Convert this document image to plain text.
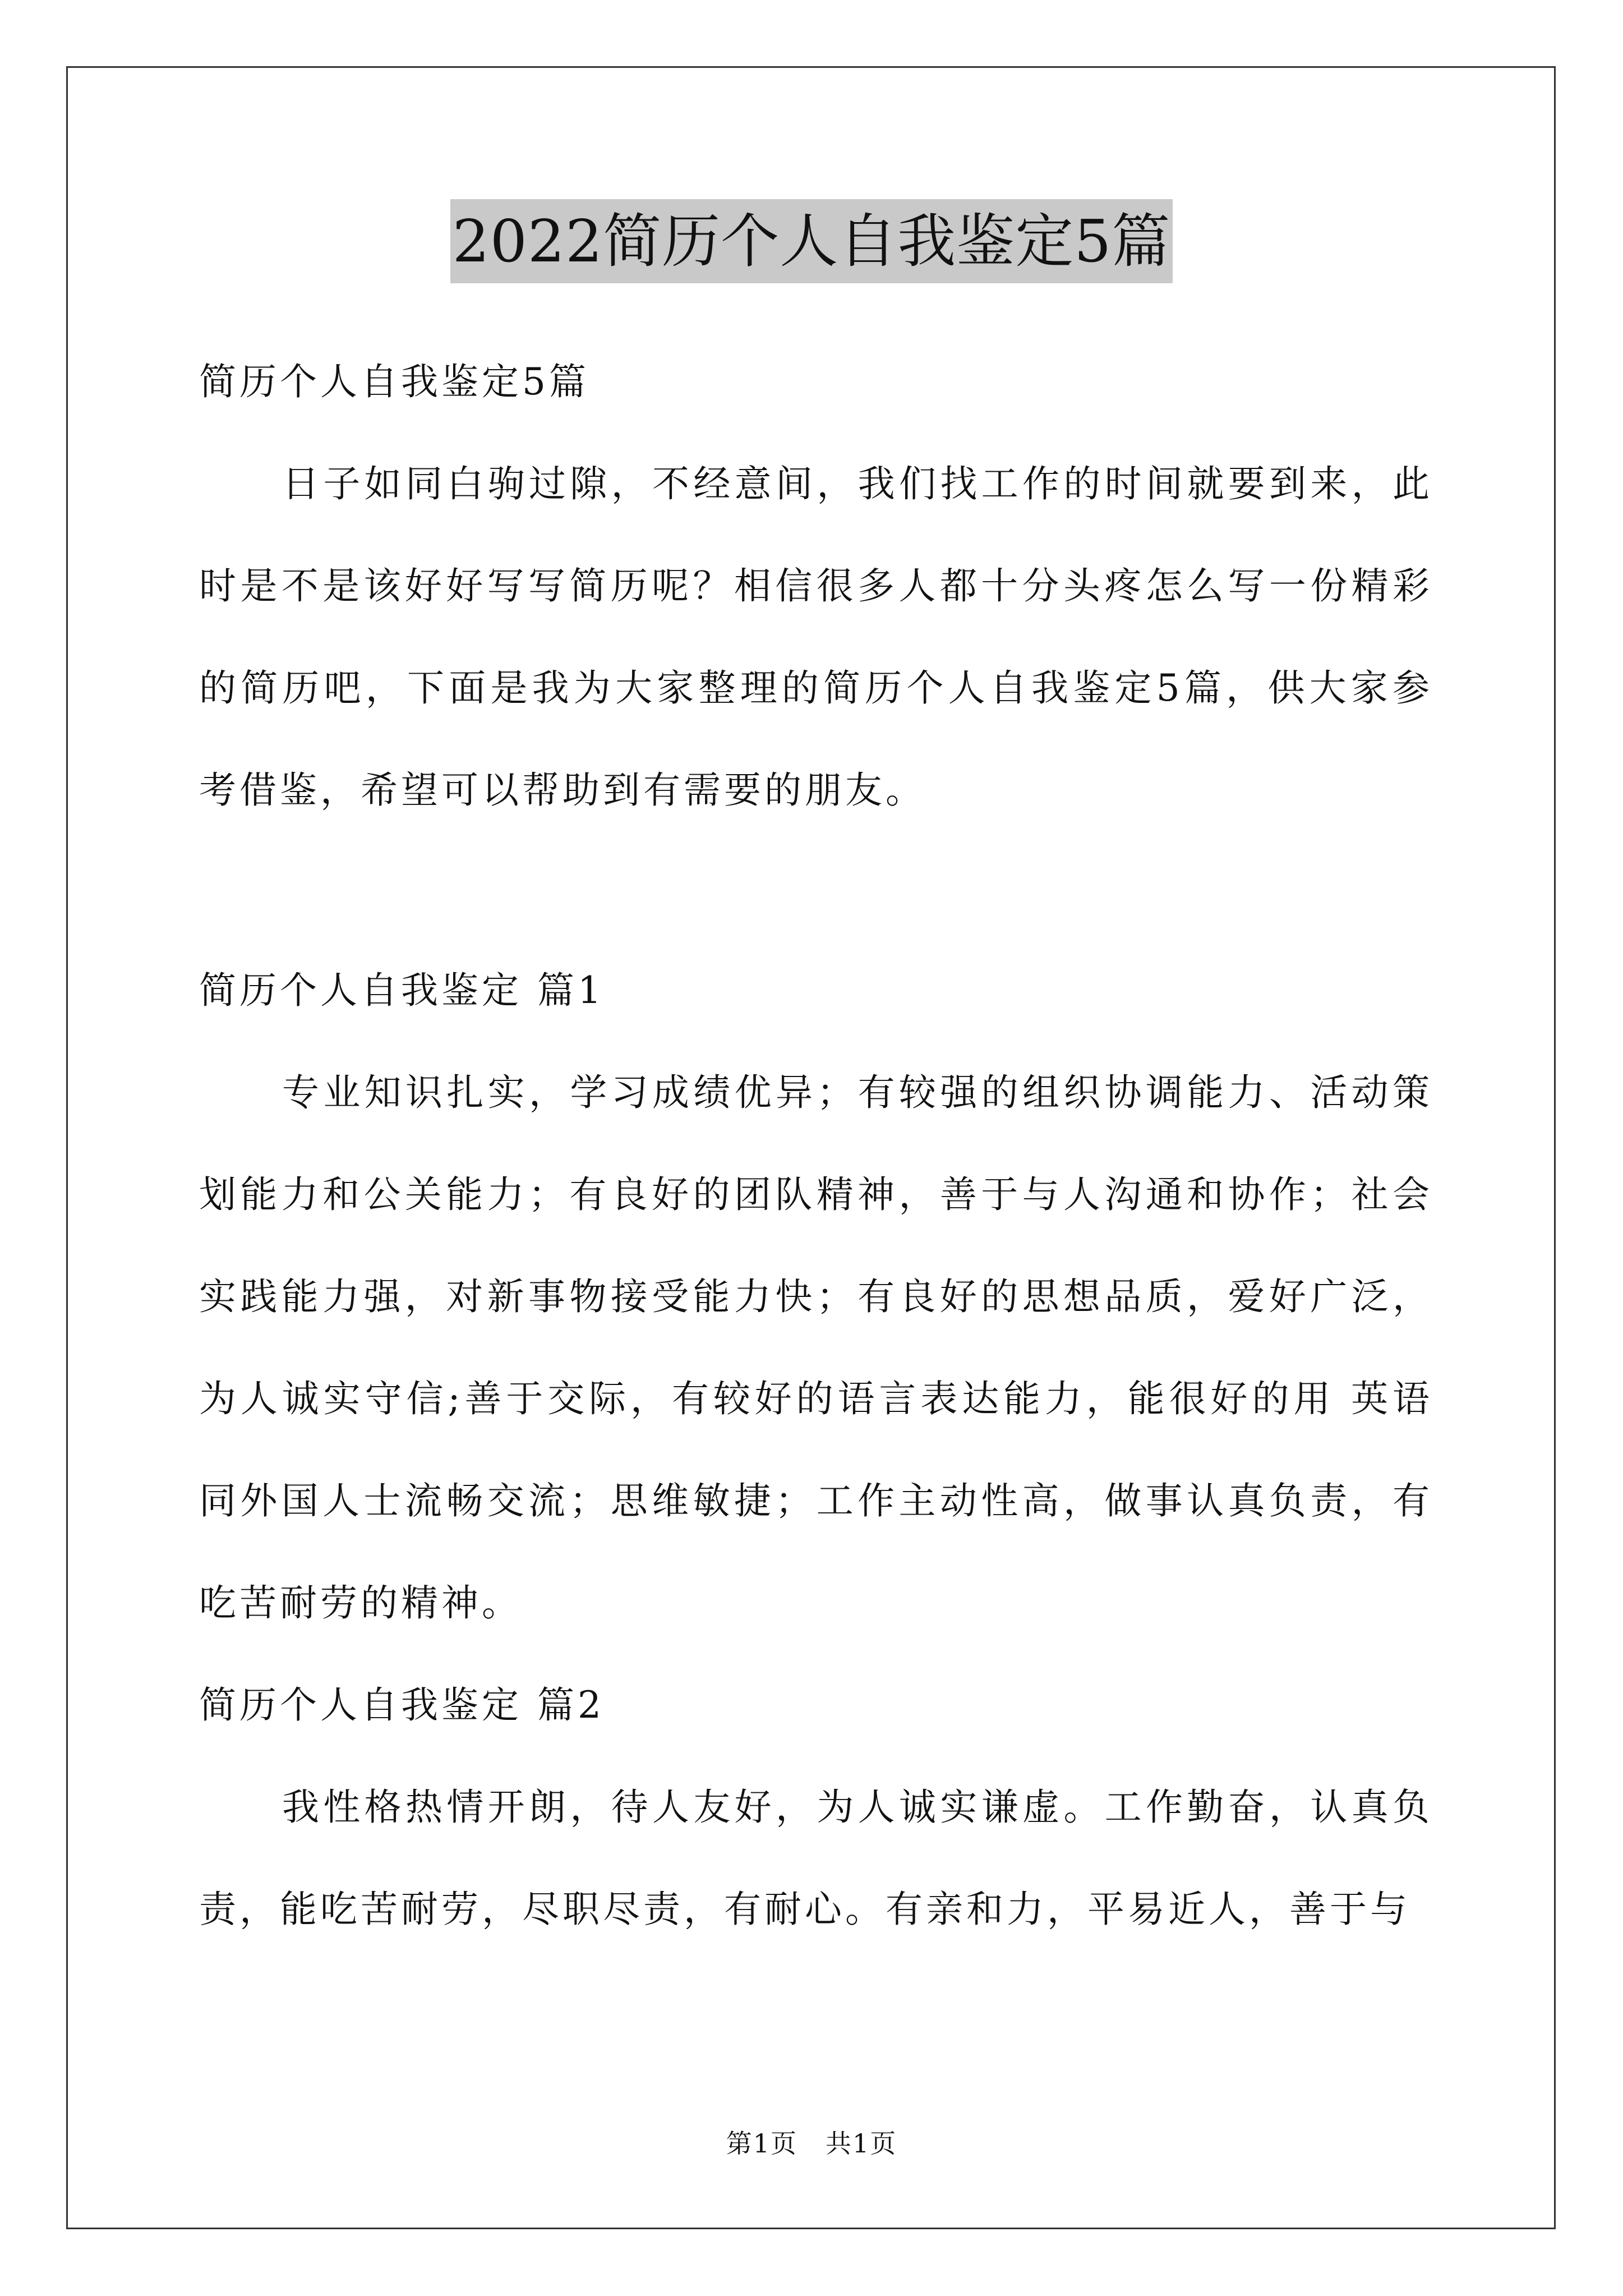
2022简历个人自我鉴定5篇

简历个人自我鉴定5篇

日子如同白驹过隙，不经意间，我们找工作的时间就要到来，此时是不是该好好写写简历呢？相信很多人都十分头疼怎么写一份精彩的简历吧，下面是我为大家整理的简历个人自我鉴定5篇，供大家参考借鉴，希望可以帮助到有需要的朋友。

简历个人自我鉴定 篇1

专业知识扎实，学习成绩优异；有较强的组织协调能力、活动策划能力和公关能力；有良好的团队精神，善于与人沟通和协作；社会实践能力强，对新事物接受能力快；有良好的思想品质，爱好广泛，为人诚实守信;善于交际，有较好的语言表达能力，能很好的用 英语同外国人士流畅交流；思维敏捷；工作主动性高，做事认真负责，有吃苦耐劳的精神。

简历个人自我鉴定 篇2

我性格热情开朗，待人友好，为人诚实谦虚。工作勤奋，认真负责，能吃苦耐劳，尽职尽责，有耐心。有亲和力，平易近人，善于与

第1页 共1页
